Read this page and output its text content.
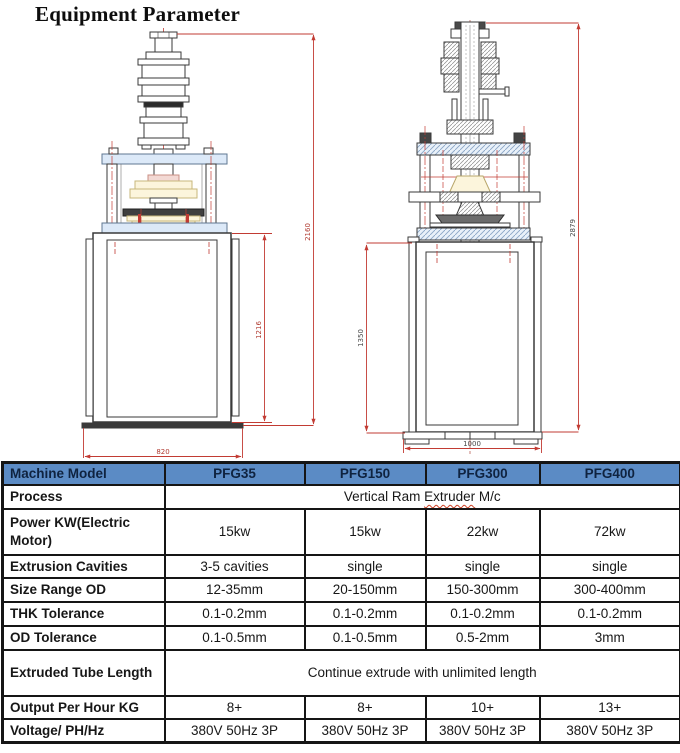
Equipment Parameter
2160
1216
820
2879
1350
1000
Machine Model	PFG35	PFG150	PFG300	PFG400
Process	Vertical Ram Extruder M/c			
Power KW(Electric Motor)	15kw	15kw	22kw	72kw
Extrusion Cavities	3-5 cavities	single	single	single
Size Range OD	12-35mm	20-150mm	150-300mm	300-400mm
THK Tolerance	0.1-0.2mm	0.1-0.2mm	0.1-0.2mm	0.1-0.2mm
OD Tolerance	0.1-0.5mm	0.1-0.5mm	0.5-2mm	3mm
Extruded Tube Length	Continue extrude with unlimited length			
Output Per Hour KG	8+	8+	10+	13+
Voltage/ PH/Hz	380V 50Hz 3P	380V 50Hz 3P	380V 50Hz 3P	380V 50Hz 3P
